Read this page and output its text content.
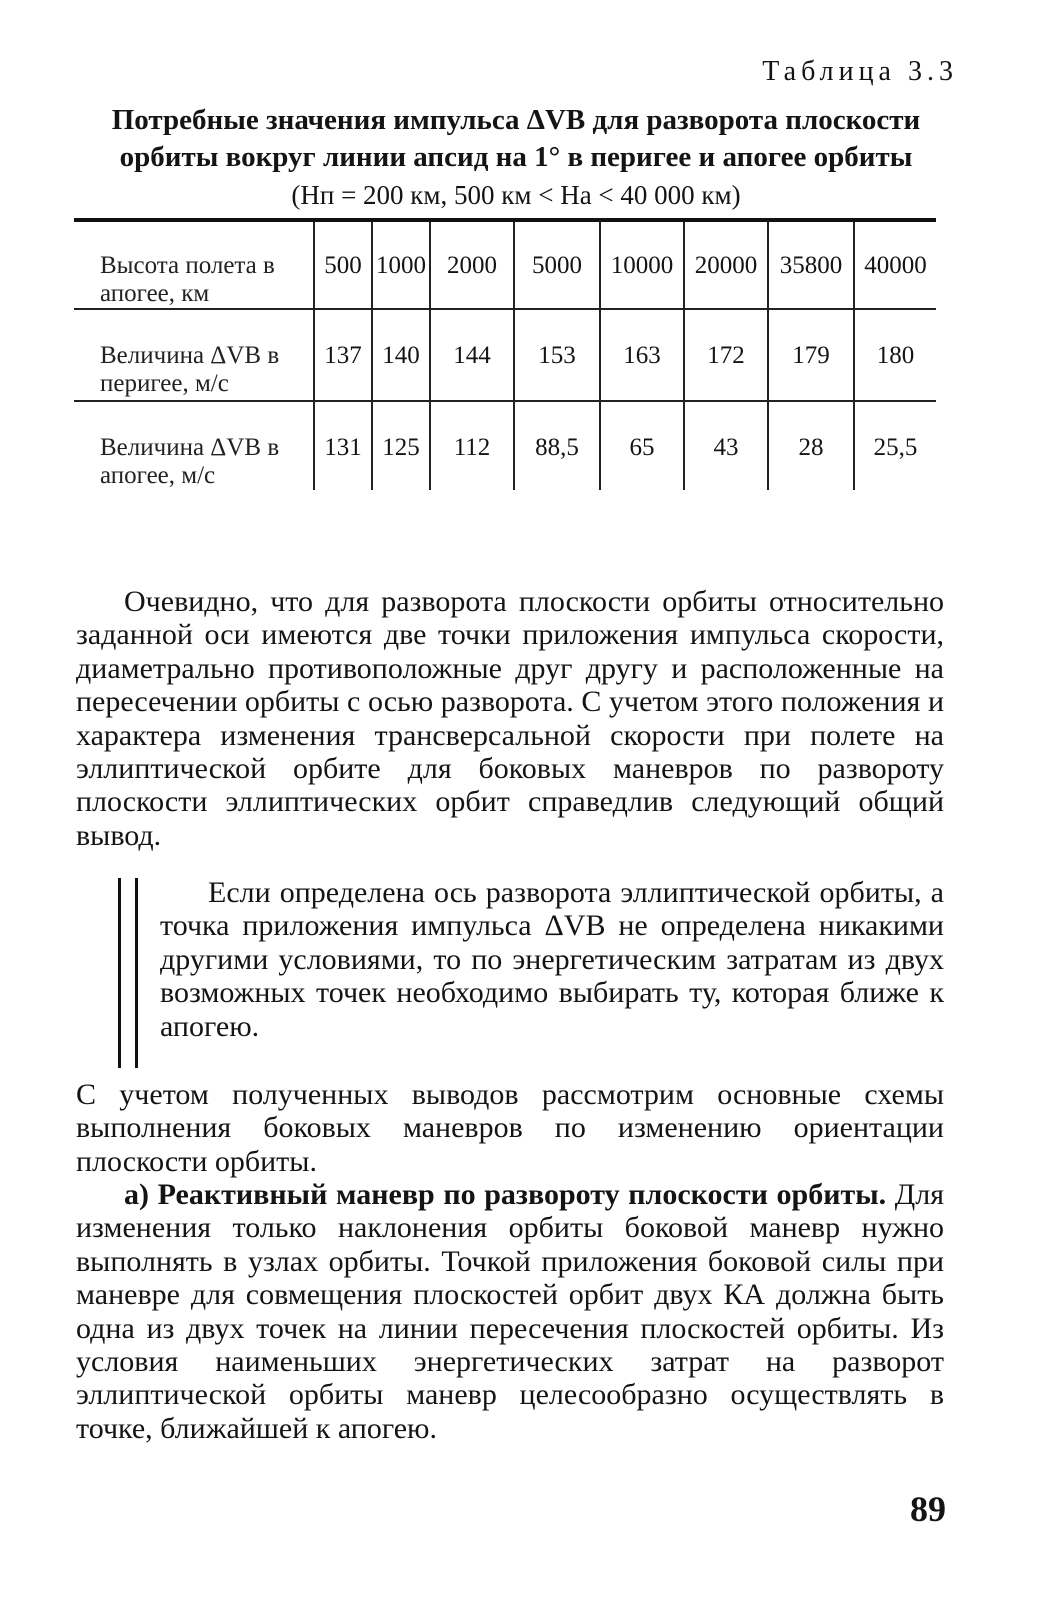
Таблица 3.3
Потребные значения импульса ΔVB для разворота плоскости орбиты вокруг линии апсид на 1° в перигее и апогее орбиты
(Hп = 200 км, 500 км < Hа < 40 000 км)
Высота полета в апогее, км	500	1000	2000	5000	10000	20000	35800	40000
Величина ΔVB в перигее, м/с	137	140	144	153	163	172	179	180
Величина ΔVB в апогее, м/с	131	125	112	88,5	65	43	28	25,5
Очевидно, что для разворота плоскости орбиты относительно заданной оси имеются две точки приложения импульса скорости, диаметрально противоположные друг другу и расположенные на пересечении орбиты с осью разворота. С учетом этого положения и характера изменения трансверсальной скорости при полете на эллиптической орбите для боковых маневров по развороту плоскости эллиптических орбит справедлив следующий общий вывод.
Если определена ось разворота эллиптической орбиты, а точка приложения импульса ΔVB не определена никакими другими условиями, то по энергетическим затратам из двух возможных точек необходимо выбирать ту, которая ближе к апогею.
С учетом полученных выводов рассмотрим основные схемы выполнения боковых маневров по изменению ориентации плоскости орбиты.
а) Реактивный маневр по развороту плоскости орбиты. Для изменения только наклонения орбиты боковой маневр нужно выполнять в узлах орбиты. Точкой приложения боковой силы при маневре для совмещения плоскостей орбит двух КА должна быть одна из двух точек на линии пересечения плоскостей орбиты. Из условия наименьших энергетических затрат на разворот эллиптической орбиты маневр целесообразно осуществлять в точке, ближайшей к апогею.
89
